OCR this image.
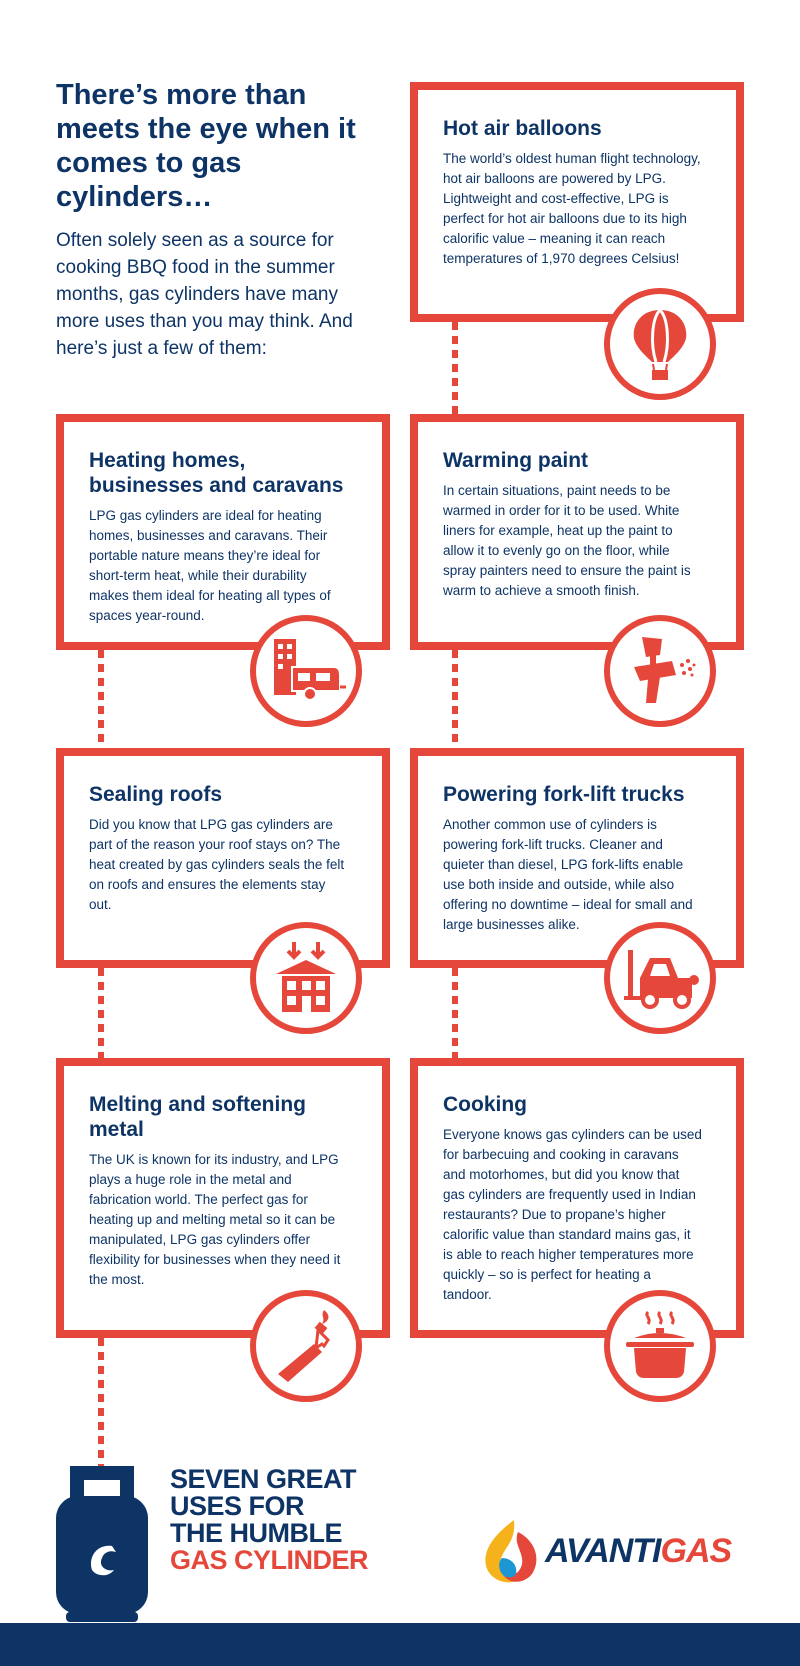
There’s more than meets the eye when it comes to gas cylinders…

Often solely seen as a source for cooking BBQ food in the summer months, gas cylinders have many more uses than you may think. And here’s just a few of them:

Hot air balloons

The world’s oldest human flight technology, hot air balloons are powered by LPG. Lightweight and cost-effective, LPG is perfect for hot air balloons due to its high calorific value – meaning it can reach temperatures of 1,970 degrees Celsius!

Heating homes, businesses and caravans

LPG gas cylinders are ideal for heating homes, businesses and caravans. Their portable nature means they’re ideal for short-term heat, while their durability makes them ideal for heating all types of spaces year-round.

Warming paint

In certain situations, paint needs to be warmed in order for it to be used. White liners for example, heat up the paint to allow it to evenly go on the floor, while spray painters need to ensure the paint is warm to achieve a smooth finish.

Sealing roofs

Did you know that LPG gas cylinders are part of the reason your roof stays on? The heat created by gas cylinders seals the felt on roofs and ensures the elements stay out.

Powering fork-lift trucks

Another common use of cylinders is powering fork-lift trucks. Cleaner and quieter than diesel, LPG fork-lifts enable use both inside and outside, while also offering no downtime – ideal for small and large businesses alike.

Melting and softening metal

The UK is known for its industry, and LPG plays a huge role in the metal and fabrication world. The perfect gas for heating up and melting metal so it can be manipulated, LPG gas cylinders offer flexibility for businesses when they need it the most.

Cooking

Everyone knows gas cylinders can be used for barbecuing and cooking in caravans and motorhomes, but did you know that gas cylinders are frequently used in Indian restaurants? Due to propane’s higher calorific value than standard mains gas, it is able to reach higher temperatures more quickly – so is perfect for heating a tandoor.

SEVEN GREAT
USES FOR
THE HUMBLE
GAS CYLINDER	AVANTIGAS
